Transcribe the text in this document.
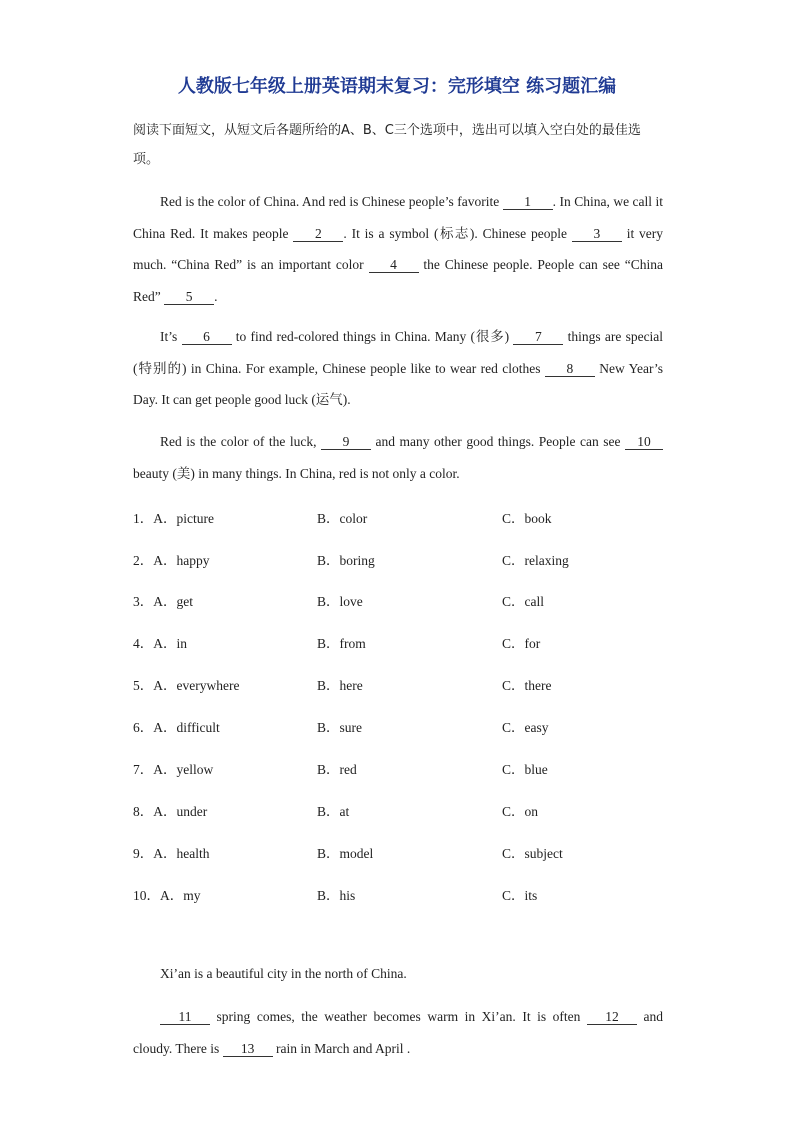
人教版七年级上册英语期末复习：完形填空 练习题汇编
阅读下面短文，从短文后各题所给的A、B、C三个选项中，选出可以填入空白处的最佳选项。
Red is the color of China. And red is Chinese people’s favorite 1 . In China, we call it China Red. It makes people 2 . It is a symbol (标志). Chinese people 3 it very much. “China Red” is an important color 4 the Chinese people. People can see “China Red” 5 .
It’s 6 to find red-colored things in China. Many (很多) 7 things are special (特别的) in China. For example, Chinese people like to wear red clothes 8 New Year’s Day. It can get people good luck (运气).
Red is the color of the luck, 9 and many other good things. People can see 10 beauty (美) in many things. In China, red is not only a color.
1．A．picture	B．color	C．book
2．A．happy	B．boring	C．relaxing
3．A．get	B．love	C．call
4．A．in	B．from	C．for
5．A．everywhere	B．here	C．there
6．A．difficult	B．sure	C．easy
7．A．yellow	B．red	C．blue
8．A．under	B．at	C．on
9．A．health	B．model	C．subject
10．A．my	B．his	C．its
Xi’an is a beautiful city in the north of China.
11 spring comes, the weather becomes warm in Xi’an. It is often 12 and cloudy. There is 13 rain in March and April .
